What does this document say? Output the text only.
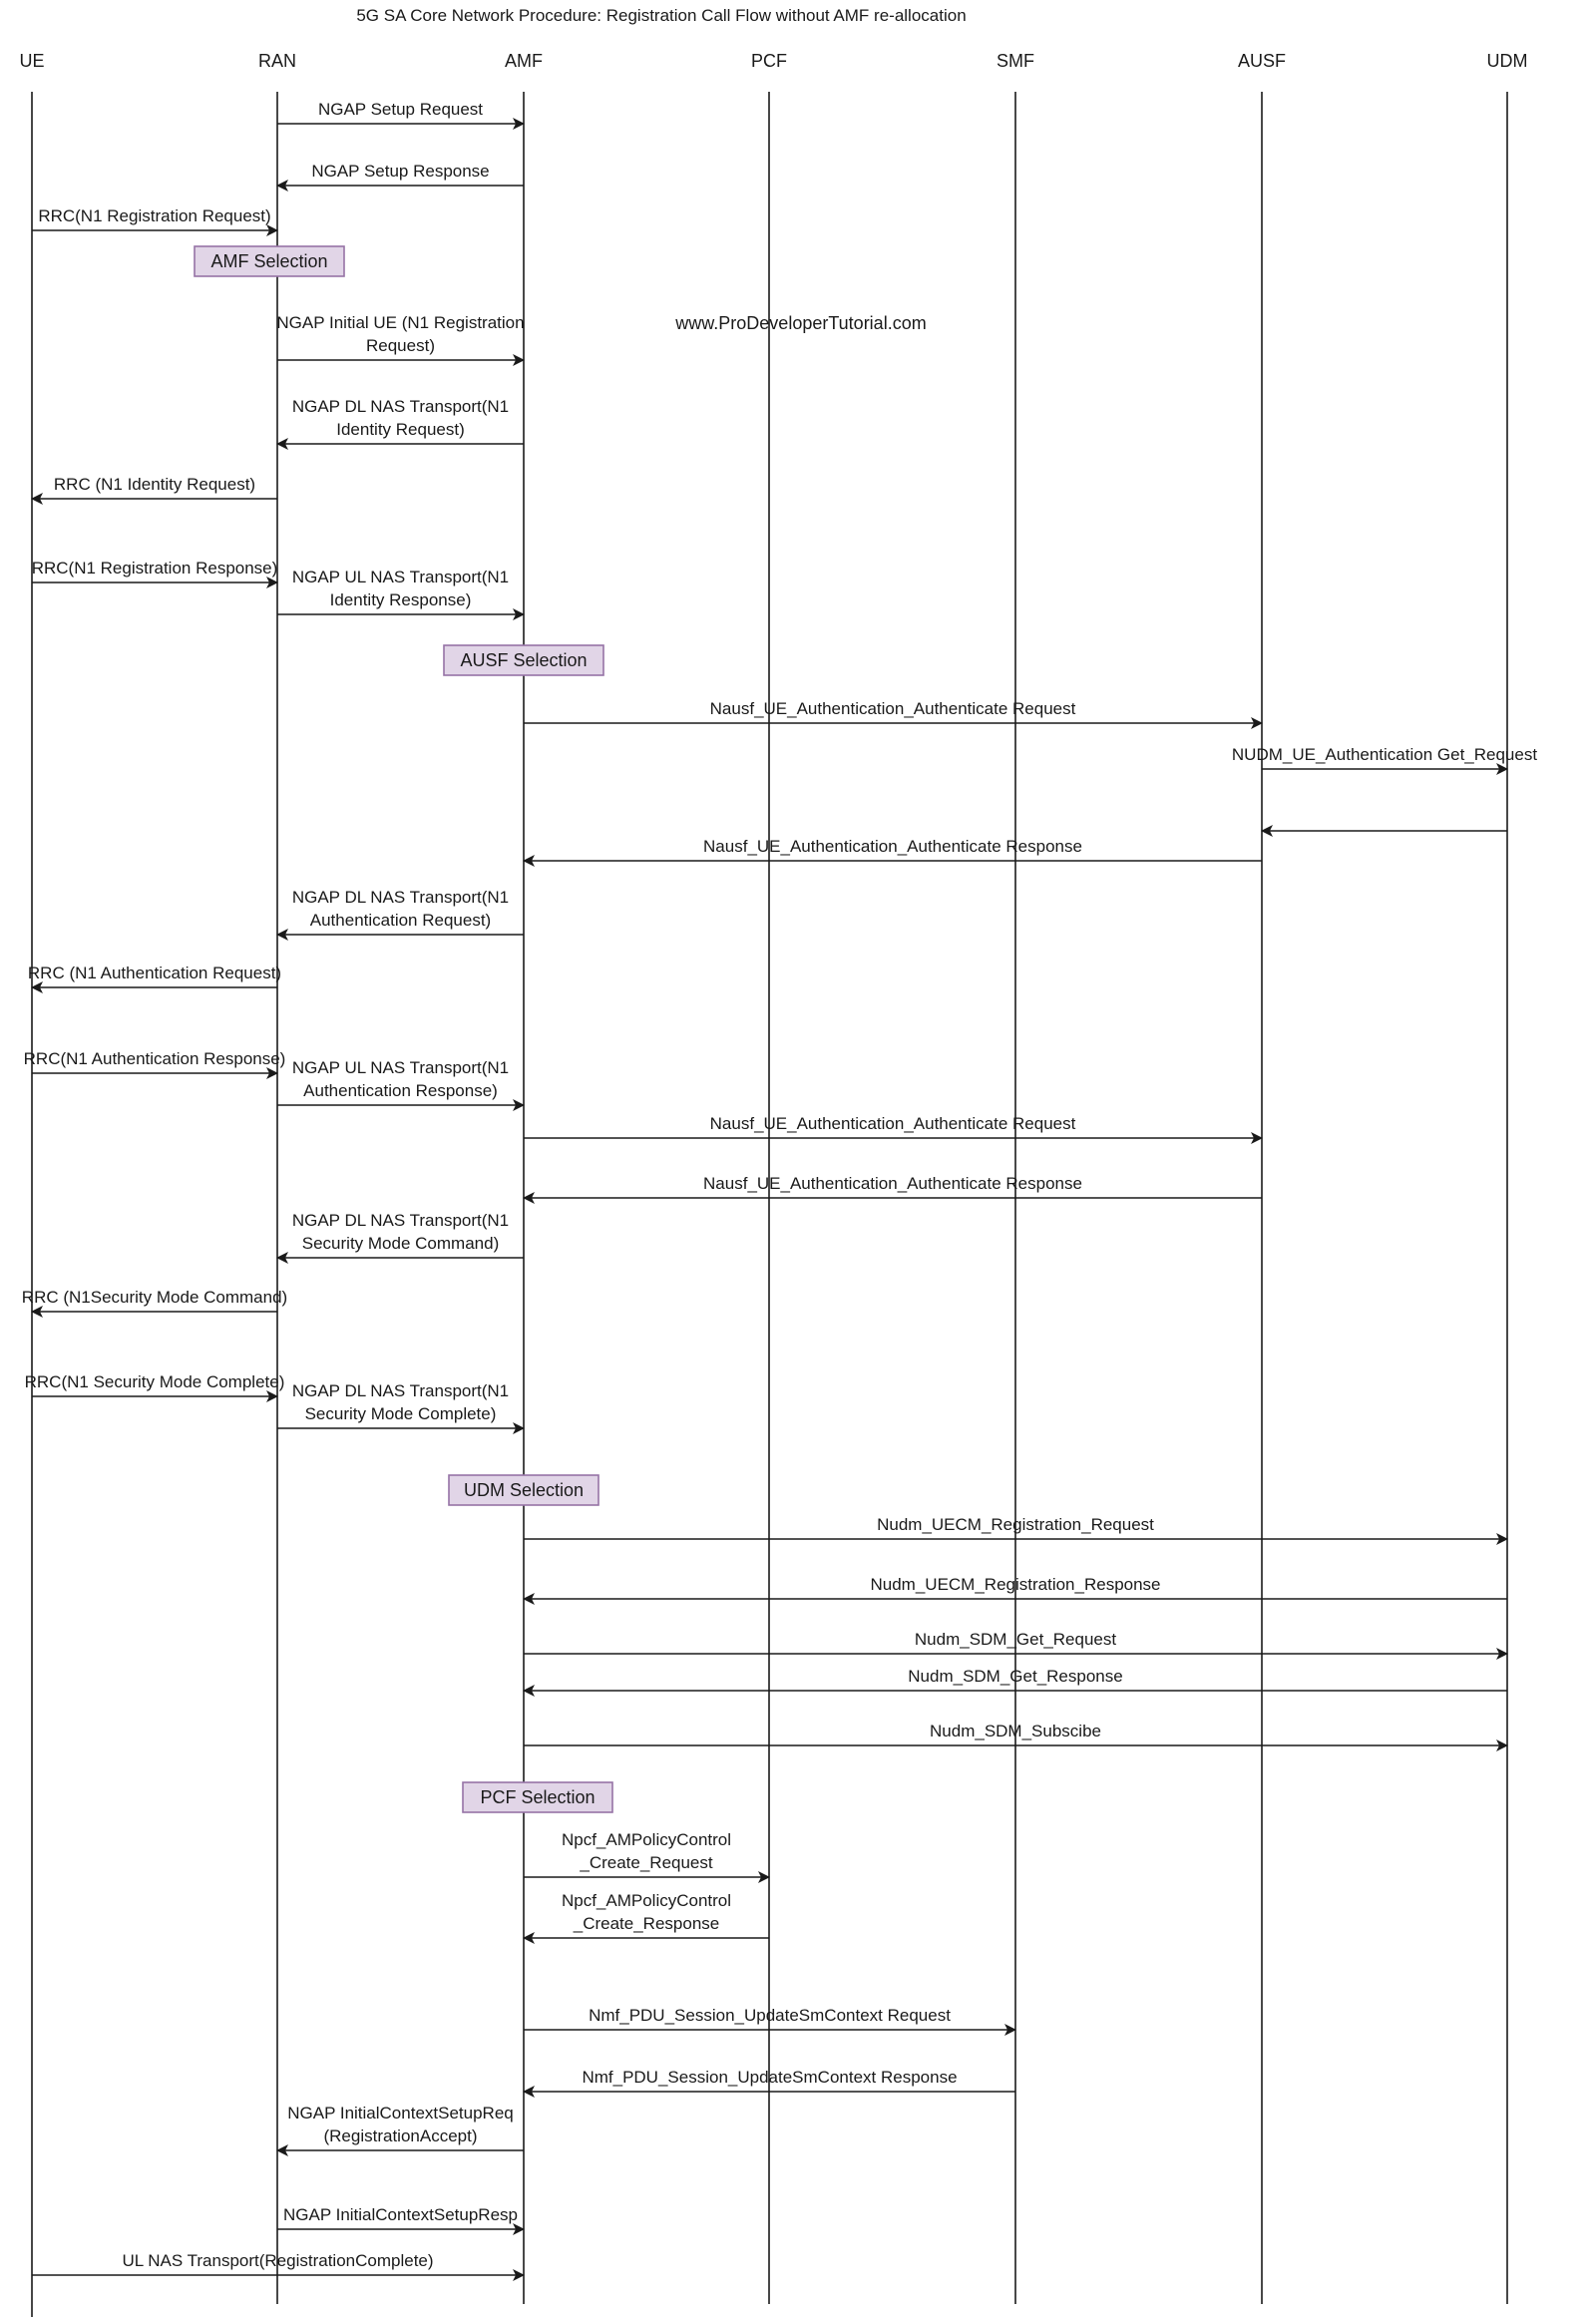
5G SA Core Network Procedure: Registration Call Flow without AMF re-allocation
www.ProDeveloperTutorial.com
UE	RAN	AMF	PCF	SMF	AUSF	UDM
AMF Selection
AUSF Selection
UDM Selection
PCF Selection
NGAP Setup Request
NGAP Setup Response
RRC(N1 Registration Request)
NGAP Initial UE (N1 Registration
Request)
NGAP DL NAS Transport(N1
Identity Request)
RRC (N1 Identity Request)
RRC(N1 Registration Response) NGAP UL NAS Transport(N1
Identity Response)
Nausf_UE_Authentication_Authenticate Request
NUDM_UE_Authentication Get_Request
Nausf_UE_Authentication_Authenticate Response
NGAP DL NAS Transport(N1
Authentication Request)
RRC (N1 Authentication Request)
RRC(N1 Authentication Response) NGAP UL NAS Transport(N1
Authentication Response)
Nausf_UE_Authentication_Authenticate Request
Nausf_UE_Authentication_Authenticate Response
NGAP DL NAS Transport(N1
Security Mode Command)
RRC (N1Security Mode Command)
RRC(N1 Security Mode Complete) NGAP DL NAS Transport(N1
Security Mode Complete)
Nudm_UECM_Registration_Request
Nudm_UECM_Registration_Response
Nudm_SDM_Get_Request
Nudm_SDM_Get_Response
Nudm_SDM_Subscibe
Npcf_AMPolicyControl
_Create_Request
Npcf_AMPolicyControl
_Create_Response
Nmf_PDU_Session_UpdateSmContext Request
Nmf_PDU_Session_UpdateSmContext Response
NGAP InitialContextSetupReq
(RegistrationAccept)
NGAP InitialContextSetupResp
UL NAS Transport(RegistrationComplete)
